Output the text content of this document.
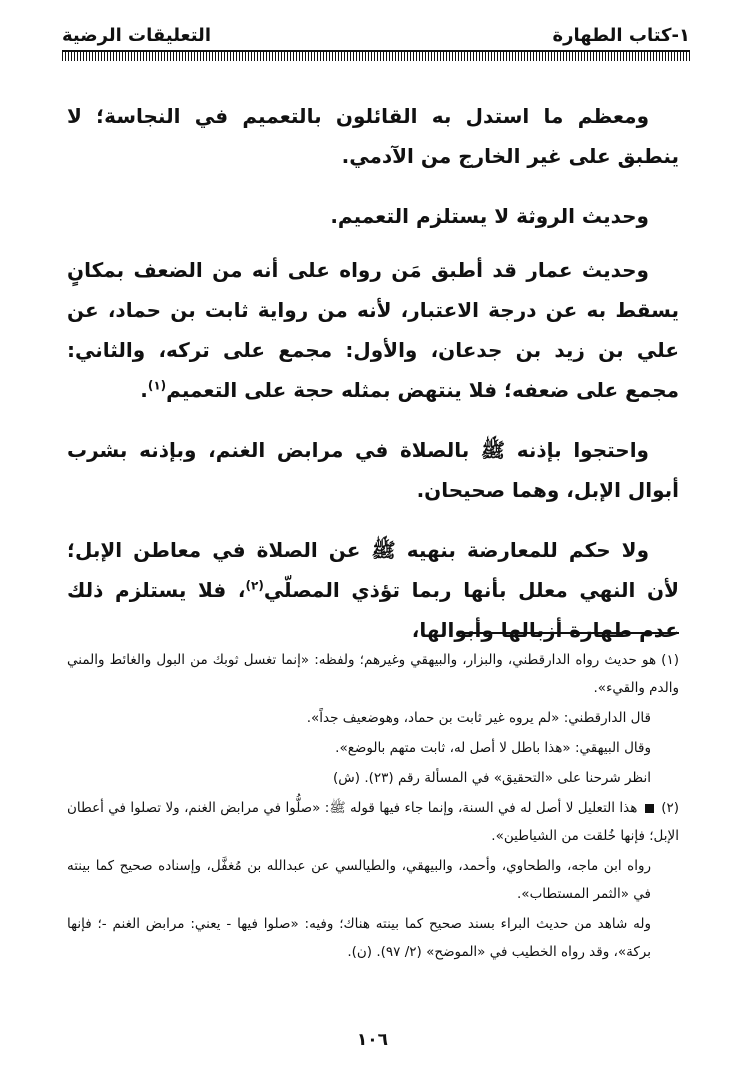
١-كتاب الطهارة
التعليقات الرضية

ومعظم ما استدل به القائلون بالتعميم في النجاسة؛ لا ينطبق على غير الخارج من الآدمي.

وحديث الروثة لا يستلزم التعميم.

وحديث عمار قد أطبق مَن رواه على أنه من الضعف بمكانٍ يسقط به عن درجة الاعتبار، لأنه من رواية ثابت بن حماد، عن علي بن زيد بن جدعان، والأول: مجمع على تركه، والثاني: مجمع على ضعفه؛ فلا ينتهض بمثله حجة على التعميم$^{(١)}$.

واحتجوا بإذنه ﷺ بالصلاة في مرابض الغنم، وبإذنه بشرب أبوال الإبل، وهما صحيحان.

ولا حكم للمعارضة بنهيه ﷺ عن الصلاة في معاطن الإبل؛ لأن النهي معلل بأنها ربما تؤذي المصلّي$^{(٢)}$، فلا يستلزم ذلك عدم طهارة أزبالها وأبوالها،

(١) هو حديث رواه الدارقطني، والبزار، والبيهقي وغيرهم؛ ولفظه: «إنما تغسل ثوبك من البول والغائط والمني والدم والقيء».

قال الدارقطني: «لم يروه غير ثابت بن حماد، وهوضعيف جداً».

وقال البيهقي: «هذا باطل لا أصل له، ثابت متهم بالوضع».

انظر شرحنا على «التحقيق» في المسألة رقم (٢٣). (ش)

(٢)  هذا التعليل لا أصل له في السنة، وإنما جاء فيها قوله ﷺ: «صلُّوا في مرابض الغنم، ولا تصلوا في أعطان الإبل؛ فإنها خُلقت من الشياطين».

رواه ابن ماجه، والطحاوي، وأحمد، والبيهقي، والطيالسي عن عبدالله بن مُغفَّل، وإسناده صحيح كما بينته في «الثمر المستطاب».

وله شاهد من حديث البراء بسند صحيح كما بينته هناك؛ وفيه: «صلوا فيها - يعني: مرابض الغنم -؛ فإنها بركة»، وقد رواه الخطيب في «الموضح» (٢/ ٩٧). (ن).

١٠٦
